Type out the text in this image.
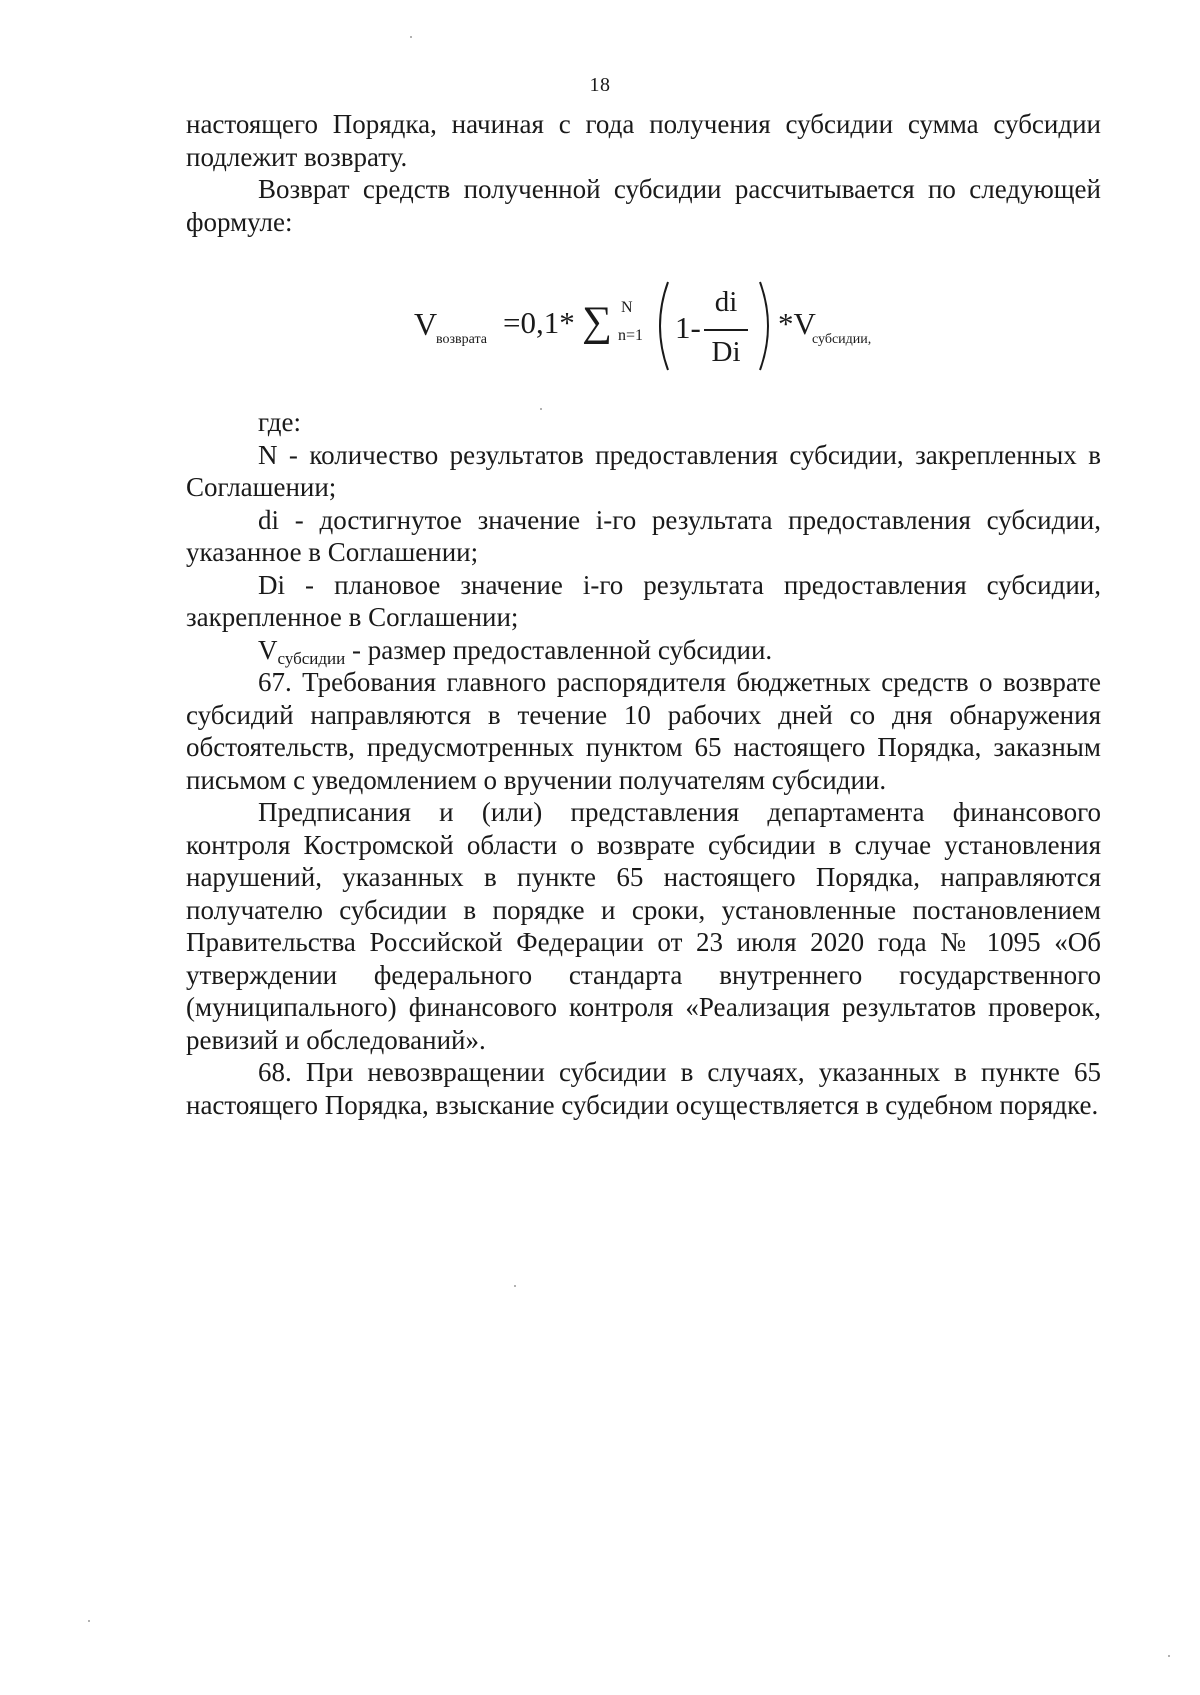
18

настоящего Порядка, начиная с года получения субсидии сумма субсидии подлежит возврату.

Возврат средств полученной субсидии рассчитывается по следующей формуле:

V
возврата =0,1* ∑ N
n=1 1-
di
Di
*V
субсидии,

где:

N - количество результатов предоставления субсидии, закрепленных в Соглашении;

di - достигнутое значение i-го результата предоставления субсидии, указанное в Соглашении;

Di - плановое значение i-го результата предоставления субсидии, закрепленное в Соглашении;

$V_{субсидии}$ - размер предоставленной субсидии.

67. Требования главного распорядителя бюджетных средств о возврате субсидий направляются в течение 10 рабочих дней со дня обнаружения обстоятельств, предусмотренных пунктом 65 настоящего Порядка, заказным письмом с уведомлением о вручении получателям субсидии.

Предписания и (или) представления департамента финансового контроля Костромской области о возврате субсидии в случае установления нарушений, указанных в пункте 65 настоящего Порядка, направляются получателю субсидии в порядке и сроки, установленные постановлением Правительства Российской Федерации от 23 июля 2020 года № 1095 «Об утверждении федерального стандарта внутреннего государственного (муниципального) финансового контроля «Реализация результатов проверок, ревизий и обследований».

68. При невозвращении субсидии в случаях, указанных в пункте 65 настоящего Порядка, взыскание субсидии осуществляется в судебном порядке.
